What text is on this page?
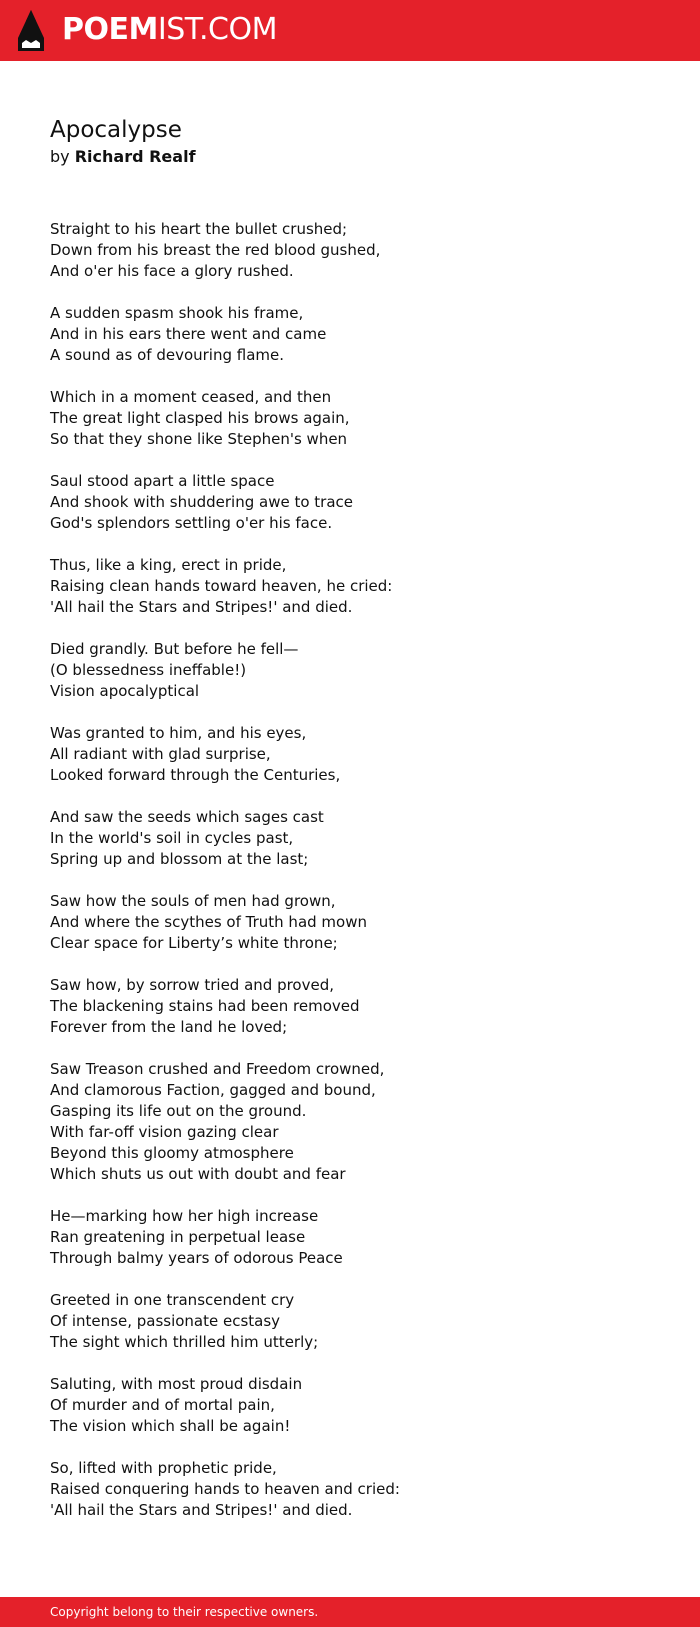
POEMIST.COM
Apocalypse
by Richard Realf
Straight to his heart the bullet crushed;
Down from his breast the red blood gushed,
And o'er his face a glory rushed.
A sudden spasm shook his frame,
And in his ears there went and came
A sound as of devouring flame.
Which in a moment ceased, and then
The great light clasped his brows again,
So that they shone like Stephen's when
Saul stood apart a little space
And shook with shuddering awe to trace
God's splendors settling o'er his face.
Thus, like a king, erect in pride,
Raising clean hands toward heaven, he cried:
'All hail the Stars and Stripes!' and died.
Died grandly. But before he fell—
(O blessedness ineffable!)
Vision apocalyptical
Was granted to him, and his eyes,
All radiant with glad surprise,
Looked forward through the Centuries,
And saw the seeds which sages cast
In the world's soil in cycles past,
Spring up and blossom at the last;
Saw how the souls of men had grown,
And where the scythes of Truth had mown
Clear space for Liberty’s white throne;
Saw how, by sorrow tried and proved,
The blackening stains had been removed
Forever from the land he loved;
Saw Treason crushed and Freedom crowned,
And clamorous Faction, gagged and bound,
Gasping its life out on the ground.
With far-off vision gazing clear
Beyond this gloomy atmosphere
Which shuts us out with doubt and fear
He—marking how her high increase
Ran greatening in perpetual lease
Through balmy years of odorous Peace
Greeted in one transcendent cry
Of intense, passionate ecstasy
The sight which thrilled him utterly;
Saluting, with most proud disdain
Of murder and of mortal pain,
The vision which shall be again!
So, lifted with prophetic pride,
Raised conquering hands to heaven and cried:
'All hail the Stars and Stripes!' and died.
Copyright belong to their respective owners.
